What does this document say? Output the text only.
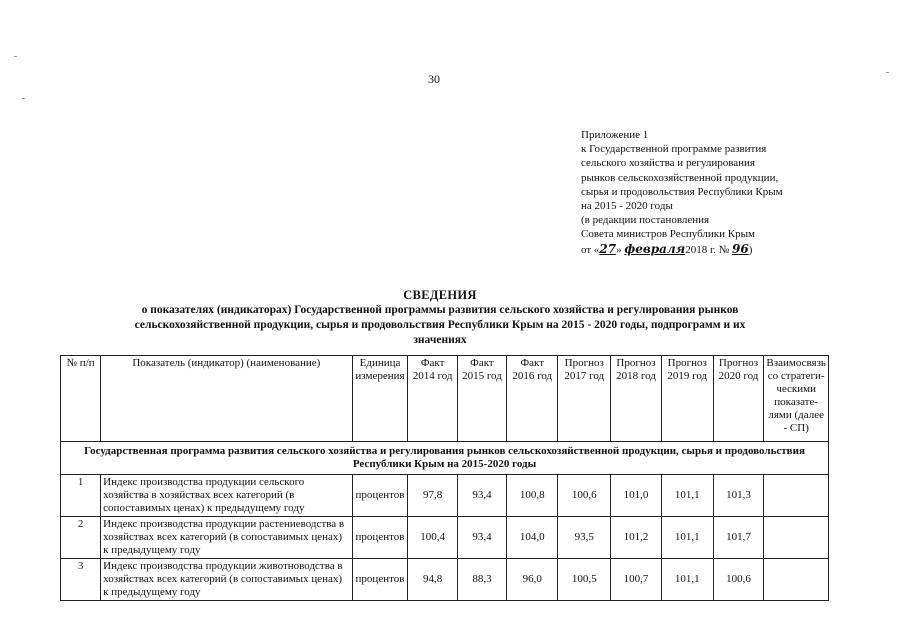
30
Приложение 1
к Государственной программе развития
сельского хозяйства и регулирования
рынков сельскохозяйственной продукции,
сырья и продовольствия Республики Крым
на 2015 - 2020 годы
(в редакции постановления
Совета министров Республики Крым
от «27» февраля2018 г. № 96)
СВЕДЕНИЯ
о показателях (индикаторах) Государственной программы развития сельского хозяйства и регулирования рынков
сельскохозяйственной продукции, сырья и продовольствия Республики Крым на 2015 - 2020 годы, подпрограмм и их
значениях
№ п/п	Показатель (индикатор) (наименование)	Единица измерения	Факт 2014 год	Факт 2015 год	Факт 2016 год	Прогноз 2017 год	Прогноз 2018 год	Прогноз 2019 год	Прогноз 2020 год	Взаимосвязь со стратеги-ческими показате-лями (далее - СП)
Государственная программа развития сельского хозяйства и регулирования рынков сельскохозяйственной продукции, сырья и продовольствия Республики Крым на 2015-2020 годы										
1	Индекс производства продукции сельского хозяйства в хозяйствах всех категорий (в сопоставимых ценах) к предыдущему году	процентов	97,8	93,4	100,8	100,6	101,0	101,1	101,3	
2	Индекс производства продукции растениеводства в хозяйствах всех категорий (в сопоставимых ценах) к предыдущему году	процентов	100,4	93,4	104,0	93,5	101,2	101,1	101,7	
3	Индекс производства продукции животноводства в хозяйствах всех категорий (в сопоставимых ценах) к предыдущему году	процентов	94,8	88,3	96,0	100,5	100,7	101,1	100,6	
